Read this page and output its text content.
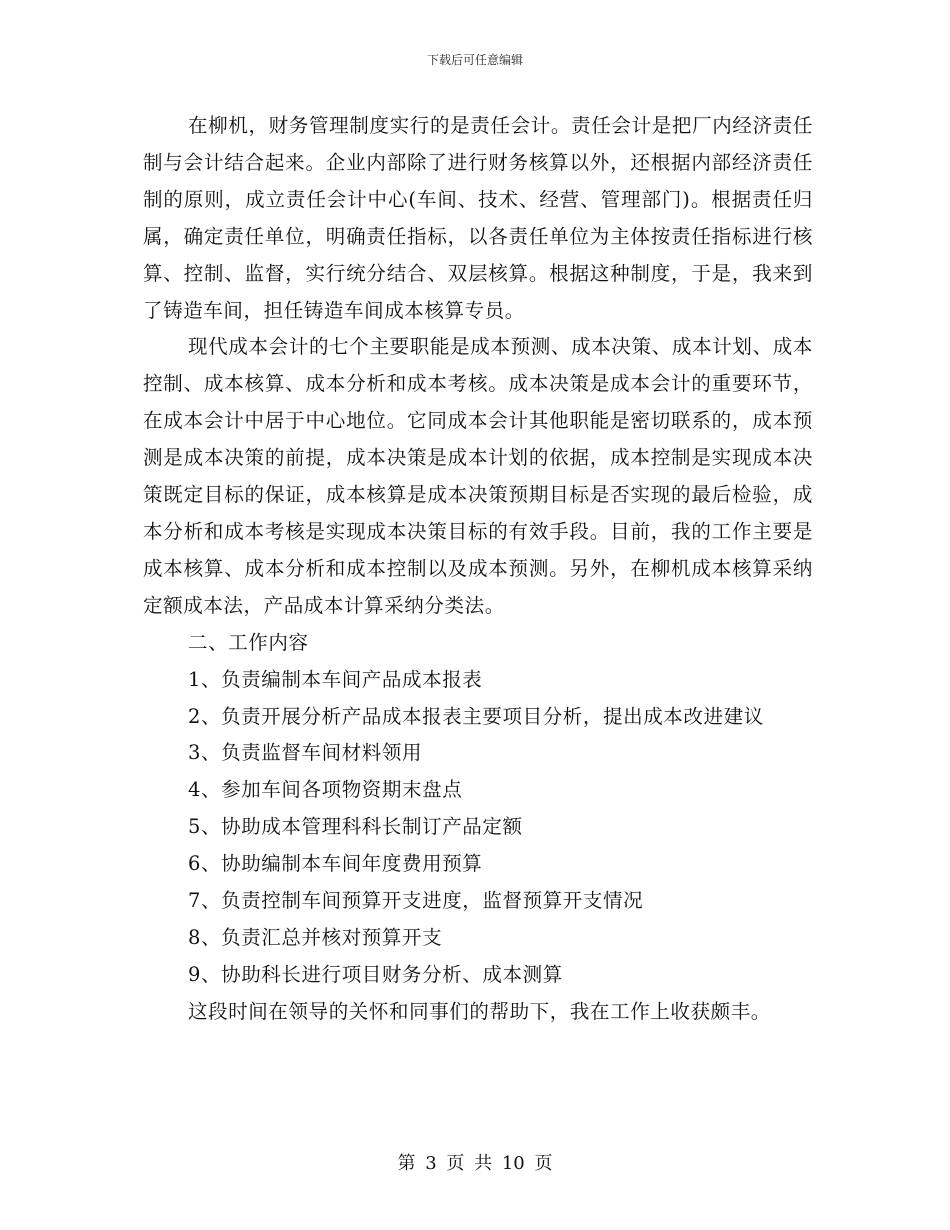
下载后可任意编辑

在柳机，财务管理制度实行的是责任会计。责任会计是把厂内经济责任制与会计结合起来。企业内部除了进行财务核算以外，还根据内部经济责任制的原则，成立责任会计中心(车间、技术、经营、管理部门)。根据责任归属，确定责任单位，明确责任指标，以各责任单位为主体按责任指标进行核算、控制、监督，实行统分结合、双层核算。根据这种制度，于是，我来到了铸造车间，担任铸造车间成本核算专员。

现代成本会计的七个主要职能是成本预测、成本决策、成本计划、成本控制、成本核算、成本分析和成本考核。成本决策是成本会计的重要环节，在成本会计中居于中心地位。它同成本会计其他职能是密切联系的，成本预测是成本决策的前提，成本决策是成本计划的依据，成本控制是实现成本决策既定目标的保证，成本核算是成本决策预期目标是否实现的最后检验，成本分析和成本考核是实现成本决策目标的有效手段。目前，我的工作主要是成本核算、成本分析和成本控制以及成本预测。另外，在柳机成本核算采纳定额成本法，产品成本计算采纳分类法。

二、工作内容

1、负责编制本车间产品成本报表

2、负责开展分析产品成本报表主要项目分析，提出成本改进建议

3、负责监督车间材料领用

4、参加车间各项物资期末盘点

5、协助成本管理科科长制订产品定额

6、协助编制本车间年度费用预算

7、负责控制车间预算开支进度，监督预算开支情况

8、负责汇总并核对预算开支

9、协助科长进行项目财务分析、成本测算

这段时间在领导的关怀和同事们的帮助下，我在工作上收获颇丰。

第 3 页 共 10 页
